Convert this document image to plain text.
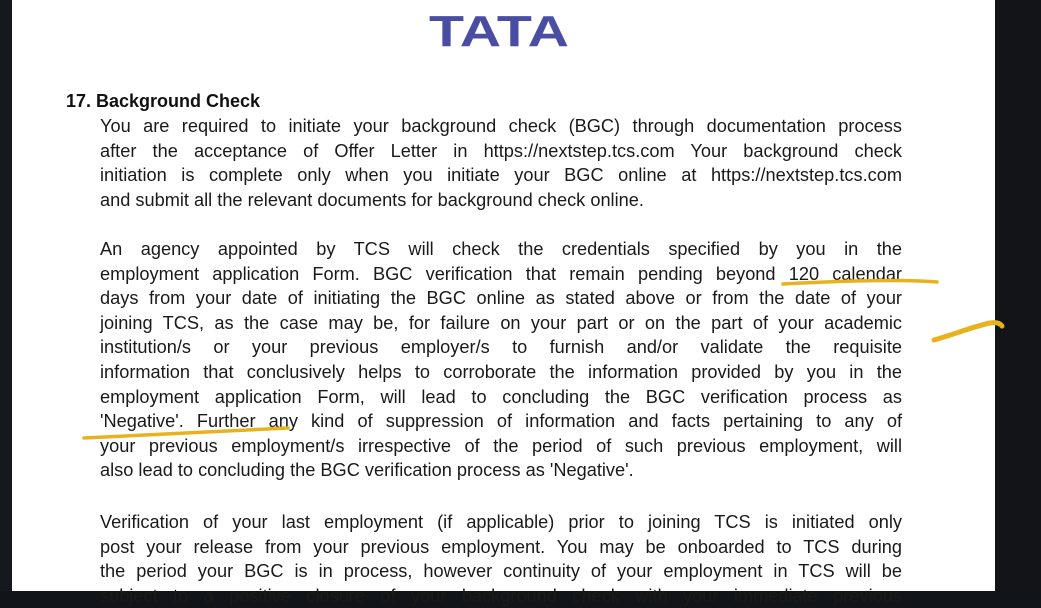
TATA
17. Background Check
You are required to initiate your background check (BGC) through documentation process
after the acceptance of Offer Letter in https://nextstep.tcs.com Your background check
initiation is complete only when you initiate your BGC online at https://nextstep.tcs.com
and submit all the relevant documents for background check online.
An agency appointed by TCS will check the credentials specified by you in the
employment application Form. BGC verification that remain pending beyond 120 calendar
days from your date of initiating the BGC online as stated above or from the date of your
joining TCS, as the case may be, for failure on your part or on the part of your academic
institution/s or your previous employer/s to furnish and/or validate the requisite
information that conclusively helps to corroborate the information provided by you in the
employment application Form, will lead to concluding the BGC verification process as
'Negative'. Further any kind of suppression of information and facts pertaining to any of
your previous employment/s irrespective of the period of such previous employment, will
also lead to concluding the BGC verification process as 'Negative'.
Verification of your last employment (if applicable) prior to joining TCS is initiated only
post your release from your previous employment. You may be onboarded to TCS during
the period your BGC is in process, however continuity of your employment in TCS will be
subject to a positive closure of your background check with your immediate previous
